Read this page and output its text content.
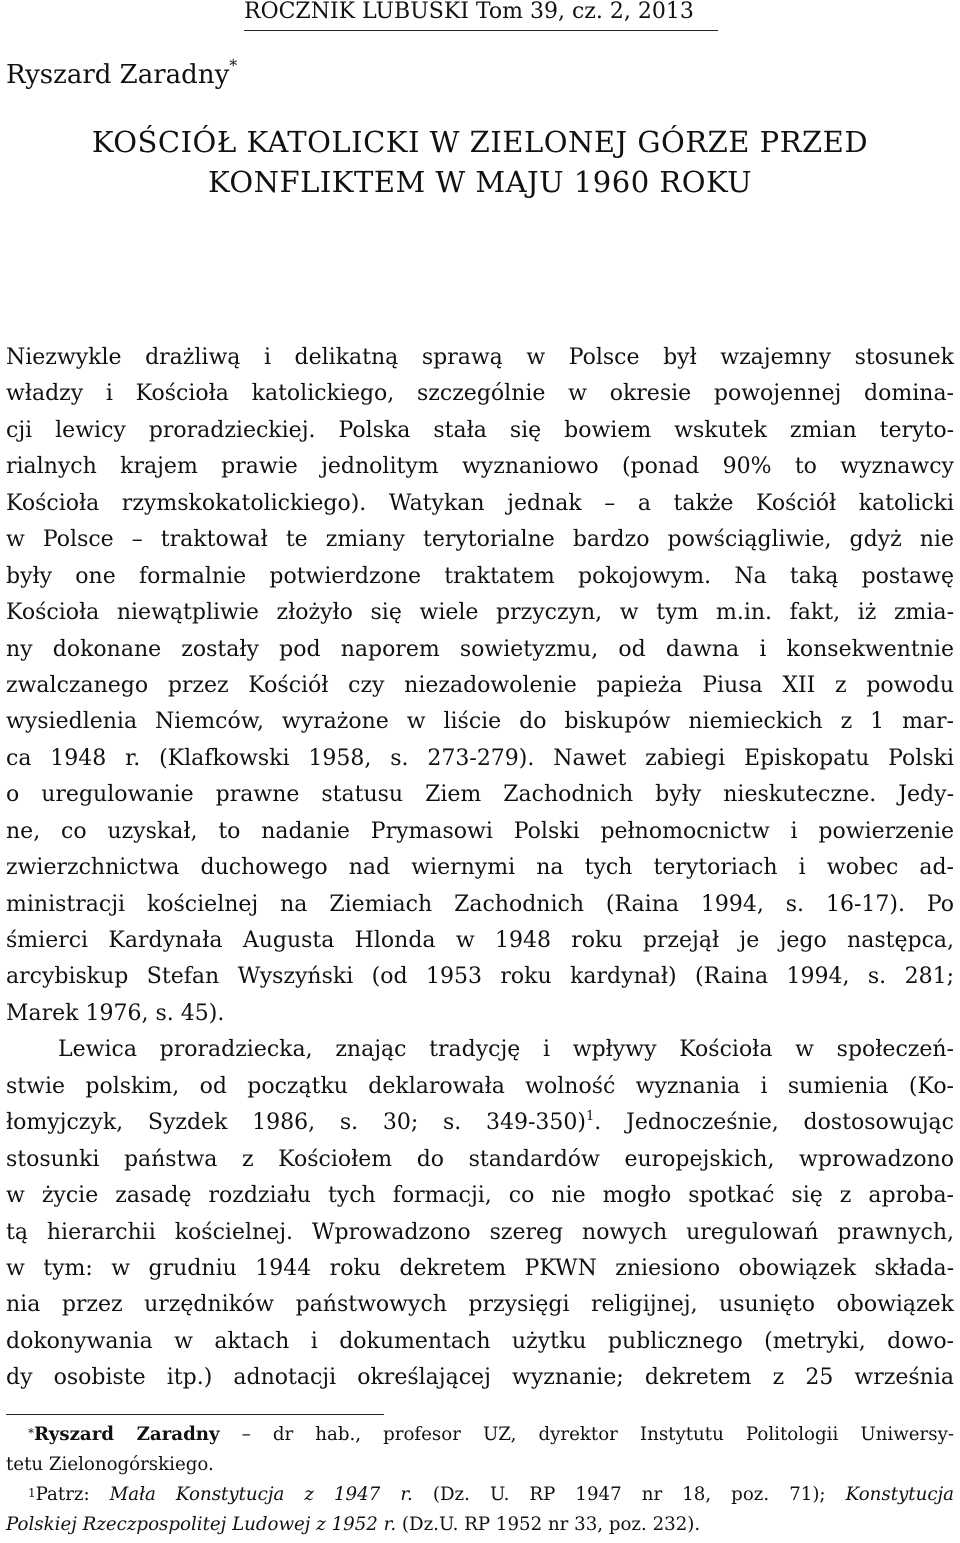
ROCZNIK LUBUSKI Tom 39, cz. 2, 2013
Ryszard Zaradny*
KOŚCIÓŁ KATOLICKI W ZIELONEJ GÓRZE PRZED
KONFLIKTEM W MAJU 1960 ROKU
Niezwykle drażliwą i delikatną sprawą w Polsce był wzajemny stosunek
władzy i Kościoła katolickiego, szczególnie w okresie powojennej domina-
cji lewicy proradzieckiej. Polska stała się bowiem wskutek zmian teryto-
rialnych krajem prawie jednolitym wyznaniowo (ponad 90% to wyznawcy
Kościoła rzymskokatolickiego). Watykan jednak – a także Kościół katolicki
w Polsce – traktował te zmiany terytorialne bardzo powściągliwie, gdyż nie
były one formalnie potwierdzone traktatem pokojowym. Na taką postawę
Kościoła niewątpliwie złożyło się wiele przyczyn, w tym m.in. fakt, iż zmia-
ny dokonane zostały pod naporem sowietyzmu, od dawna i konsekwentnie
zwalczanego przez Kościół czy niezadowolenie papieża Piusa XII z powodu
wysiedlenia Niemców, wyrażone w liście do biskupów niemieckich z 1 mar-
ca 1948 r. (Klafkowski 1958, s. 273-279). Nawet zabiegi Episkopatu Polski
o uregulowanie prawne statusu Ziem Zachodnich były nieskuteczne. Jedy-
ne, co uzyskał, to nadanie Prymasowi Polski pełnomocnictw i powierzenie
zwierzchnictwa duchowego nad wiernymi na tych terytoriach i wobec ad-
ministracji kościelnej na Ziemiach Zachodnich (Raina 1994, s. 16-17). Po
śmierci Kardynała Augusta Hlonda w 1948 roku przejął je jego następca,
arcybiskup Stefan Wyszyński (od 1953 roku kardynał) (Raina 1994, s. 281;
Marek 1976, s. 45).
Lewica proradziecka, znając tradycję i wpływy Kościoła w społeczeń-
stwie polskim, od początku deklarowała wolność wyznania i sumienia (Ko-
łomyjczyk, Syzdek 1986, s. 30; s. 349-350)$^1$. Jednocześnie, dostosowując
stosunki państwa z Kościołem do standardów europejskich, wprowadzono
w życie zasadę rozdziału tych formacji, co nie mogło spotkać się z aproba-
tą hierarchii kościelnej. Wprowadzono szereg nowych uregulowań prawnych,
w tym: w grudniu 1944 roku dekretem PKWN zniesiono obowiązek składa-
nia przez urzędników państwowych przysięgi religijnej, usunięto obowiązek
dokonywania w aktach i dokumentach użytku publicznego (metryki, dowo-
dy osobiste itp.) adnotacji określającej wyznanie; dekretem z 25 września
*Ryszard Zaradny – dr hab., profesor UZ, dyrektor Instytutu Politologii Uniwersy-
tetu Zielonogórskiego.
$^1$Patrz: Mała Konstytucja z 1947 r. (Dz. U. RP 1947 nr 18, poz. 71); Konstytucja
Polskiej Rzeczpospolitej Ludowej z 1952 r. (Dz.U. RP 1952 nr 33, poz. 232).
